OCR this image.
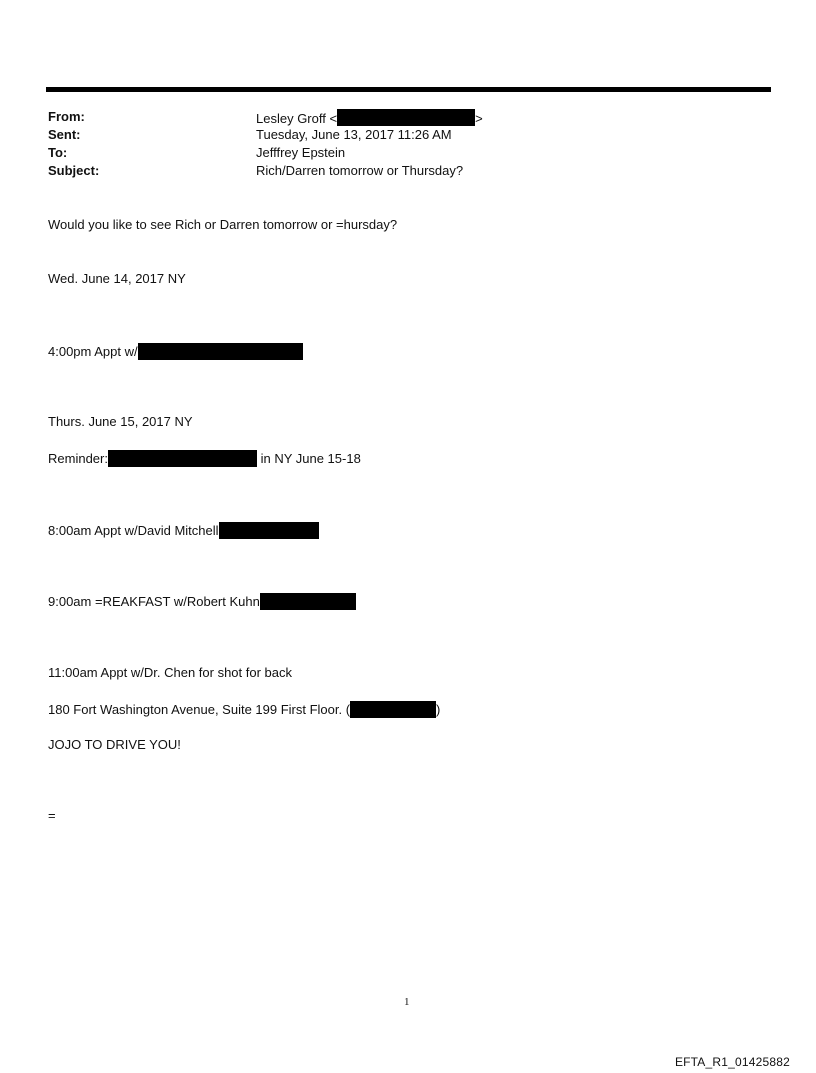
From:	Lesley Groff <	>
Sent:	Tuesday, June 13, 2017 11:26 AM
To:	Jefffrey Epstein
Subject:	Rich/Darren tomorrow or Thursday?
Would you like to see Rich or Darren tomorrow or =hursday?
Wed. June 14, 2017 NY
4:00pm Appt w/
Thurs. June 15, 2017 NY
Reminder:	in NY June 15-18
8:00am Appt w/David Mitchell
9:00am =REAKFAST w/Robert Kuhn
11:00am Appt w/Dr. Chen for shot for back
180 Fort Washington Avenue, Suite 199 First Floor. (	)
JOJO TO DRIVE YOU!
=
1
EFTA_R1_01425882
